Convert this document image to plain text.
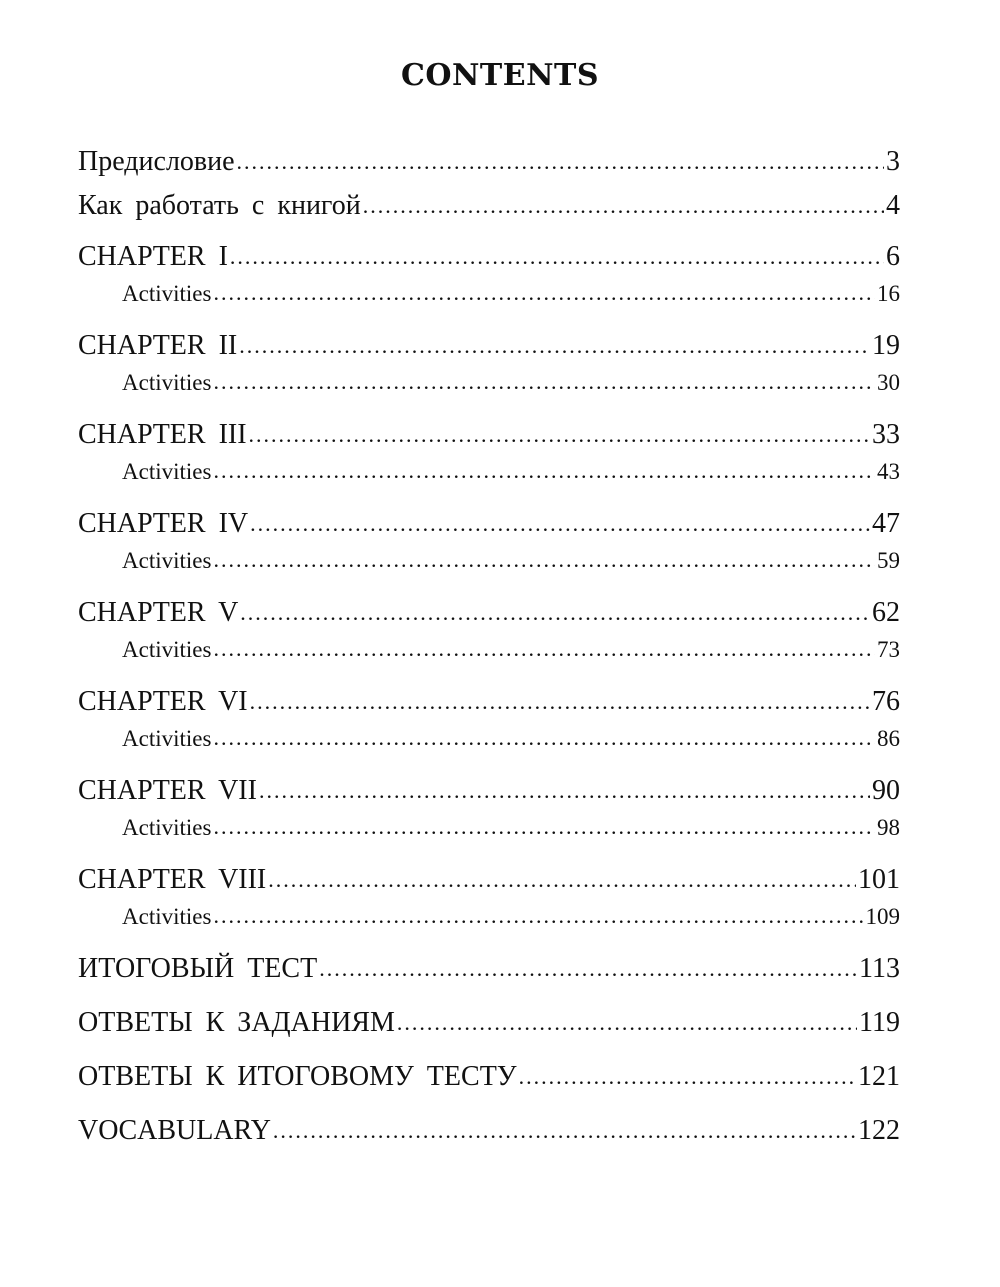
CONTENTS
Предисловие .....	3
Как работать с книгой .....	4
CHAPTER I .....	6
Activities .....	16
CHAPTER II .....	19
Activities .....	30
CHAPTER III .....	33
Activities .....	43
CHAPTER IV .....	47
Activities .....	59
CHAPTER V .....	62
Activities .....	73
CHAPTER VI .....	76
Activities .....	86
CHAPTER VII .....	90
Activities .....	98
CHAPTER VIII .....	101
Activities .....	109
ИТОГОВЫЙ ТЕСТ .....	113
ОТВЕТЫ К ЗАДАНИЯМ .....	119
ОТВЕТЫ К ИТОГОВОМУ ТЕСТУ .....	121
VOCABULARY .....	122
